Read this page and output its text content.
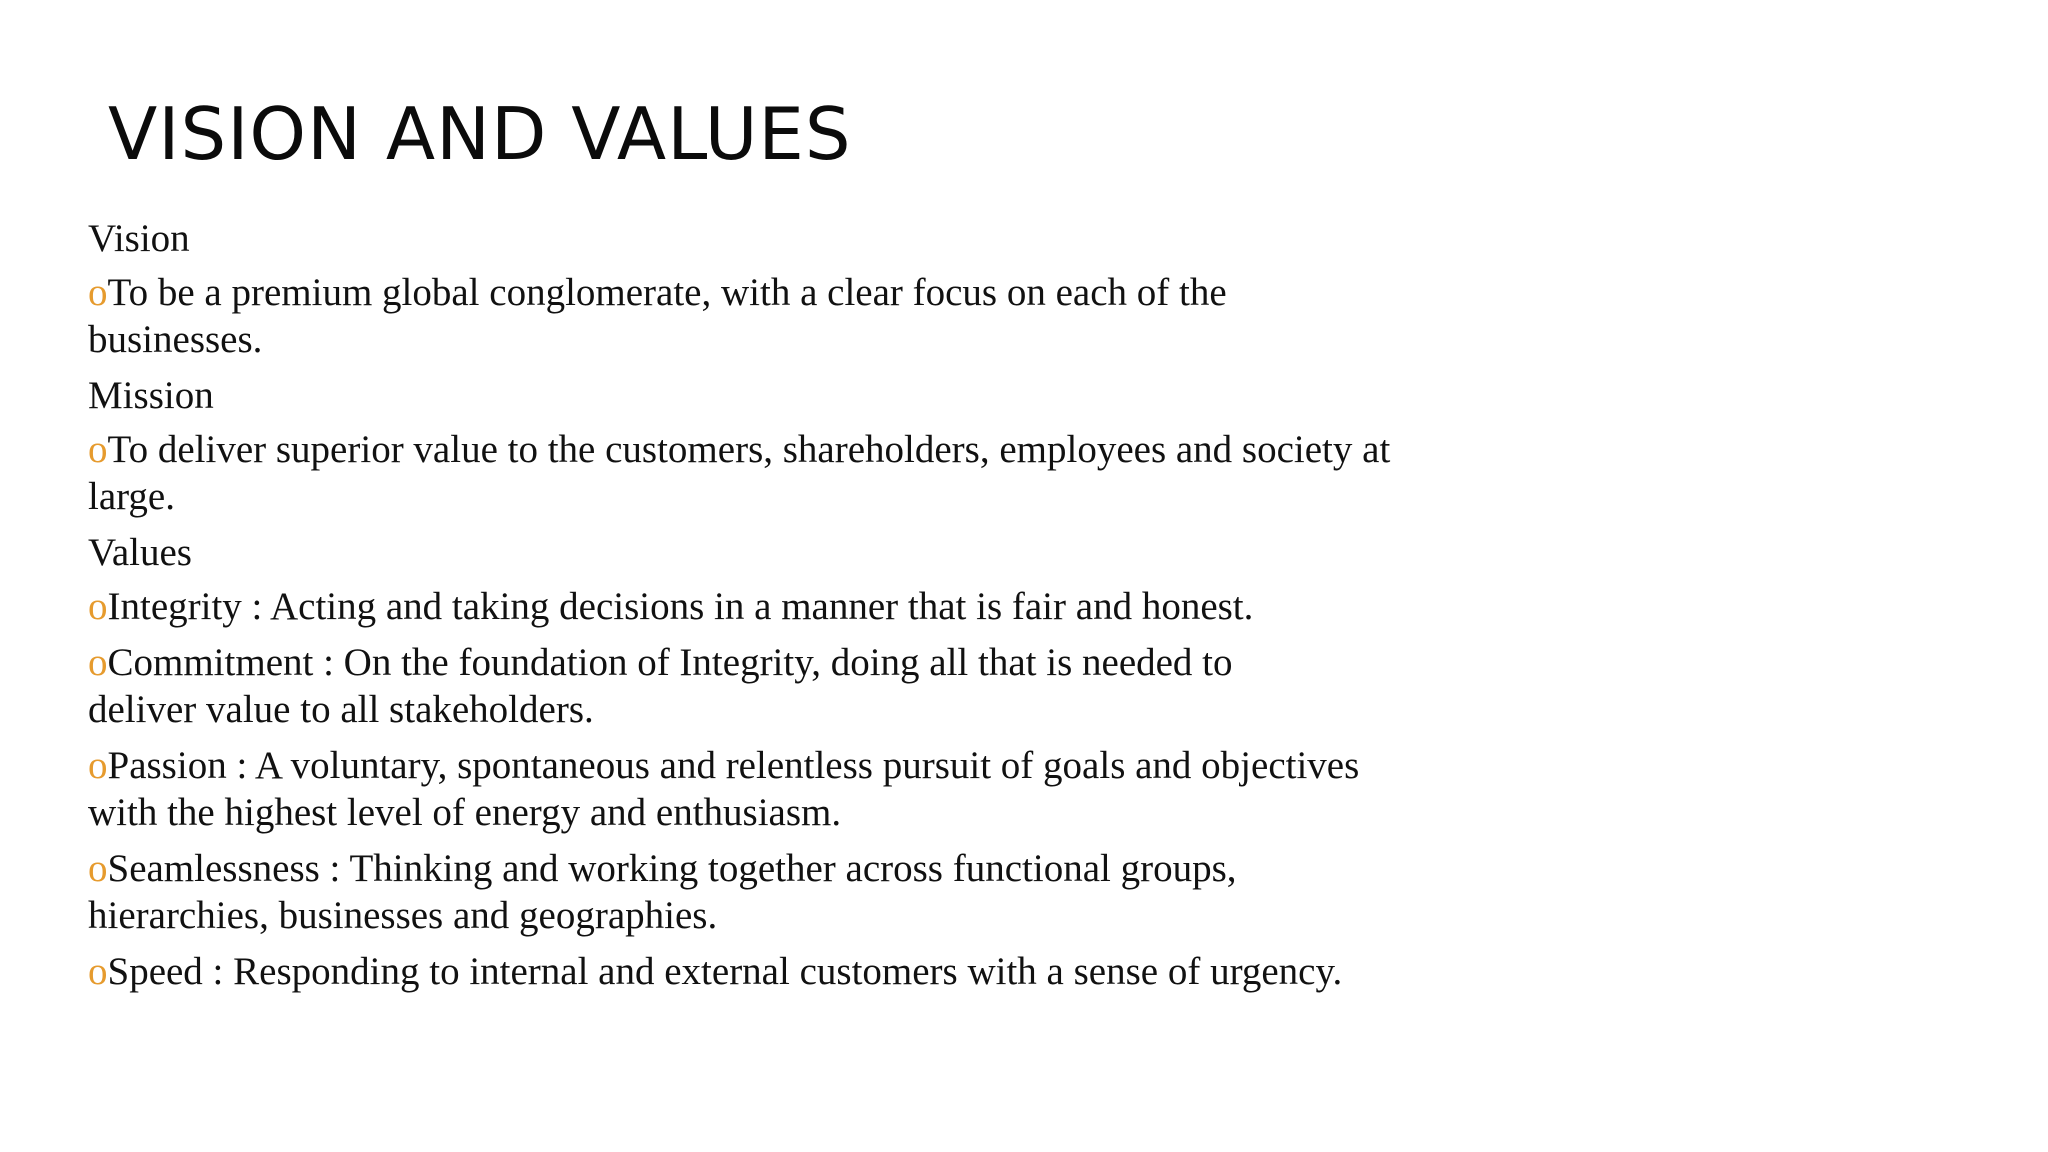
VISION AND VALUES
Vision
oTo be a premium global conglomerate, with a clear focus on each of the businesses.
Mission
oTo deliver superior value to the customers, shareholders, employees and society at large.
Values
oIntegrity : Acting and taking decisions in a manner that is fair and honest.
oCommitment : On the foundation of Integrity, doing all that is needed to deliver value to all stakeholders.
oPassion : A voluntary, spontaneous and relentless pursuit of goals and objectives with the highest level of energy and enthusiasm.
oSeamlessness : Thinking and working together across functional groups, hierarchies, businesses and geographies.
oSpeed : Responding to internal and external customers with a sense of urgency.
